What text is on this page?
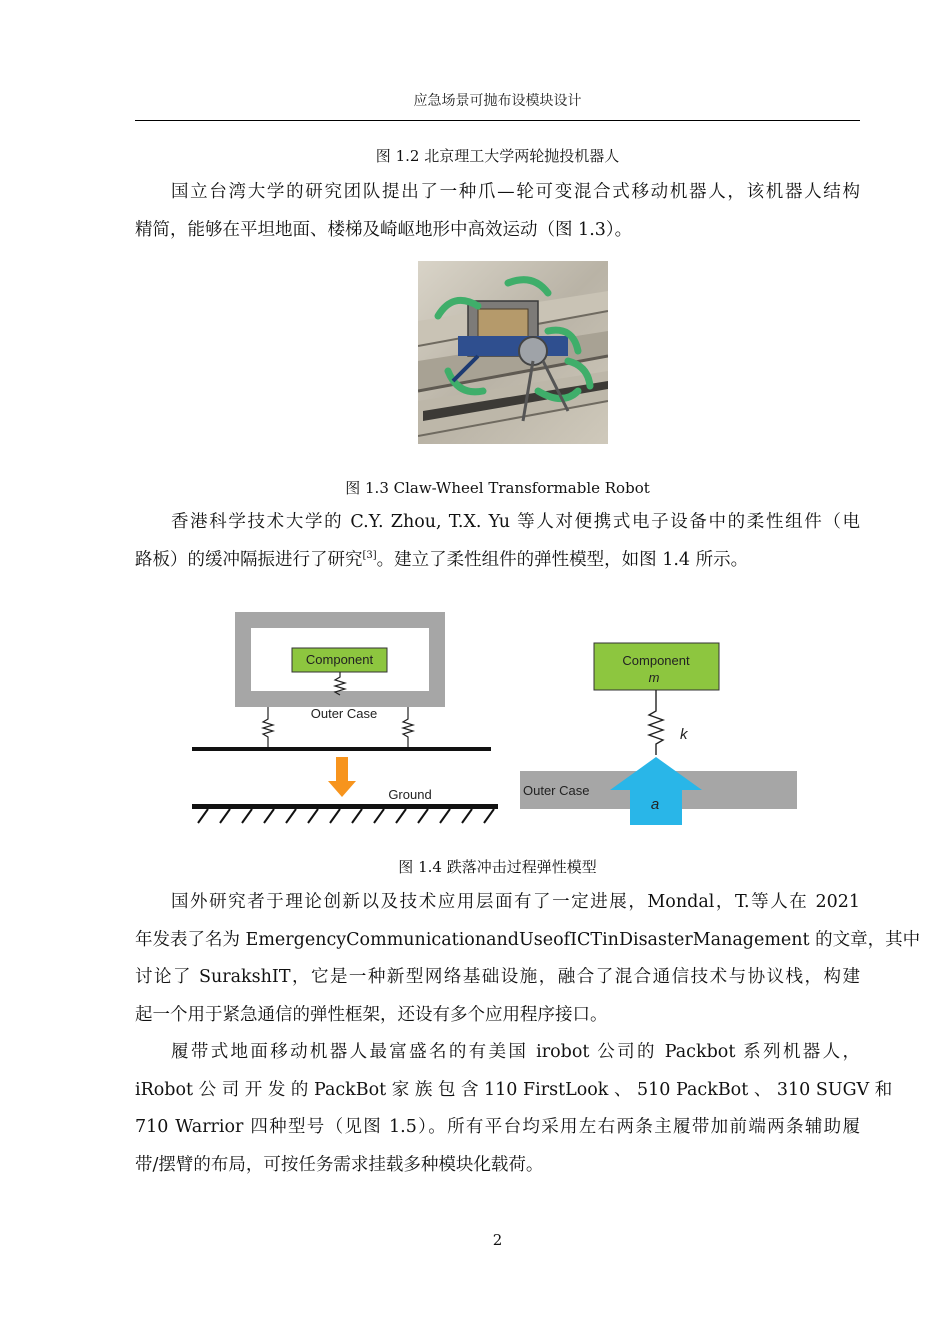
应急场景可抛布设模块设计
图 1.2 北京理工大学两轮抛投机器人
国立台湾大学的研究团队提出了一种爪—轮可变混合式移动机器人，该机器人结构
精简，能够在平坦地面、楼梯及崎岖地形中高效运动（图 1.3）。
图 1.3 Claw-Wheel Transformable Robot
香港科学技术大学的 C.Y. Zhou, T.X. Yu 等人对便携式电子设备中的柔性组件（电
路板）的缓冲隔振进行了研究[3]。建立了柔性组件的弹性模型，如图 1.4 所示。
Component
Outer Case
Ground
Component
m
k
Outer Case
a
图 1.4 跌落冲击过程弹性模型
国外研究者于理论创新以及技术应用层面有了一定进展，Mondal，T.等人在 2021
年发表了名为 EmergencyCommunicationandUseofICTinDisasterManagement 的文章，其中
讨论了 SurakshIT，它是一种新型网络基础设施，融合了混合通信技术与协议栈，构建
起一个用于紧急通信的弹性框架，还设有多个应用程序接口。
履带式地面移动机器人最富盛名的有美国 irobot 公司的 Packbot 系列机器人，
iRobot 公 司 开 发 的 PackBot 家 族 包 含 110 FirstLook 、 510 PackBot 、 310 SUGV 和
710 Warrior 四种型号（见图 1.5）。所有平台均采用左右两条主履带加前端两条辅助履
带/摆臂的布局，可按任务需求挂载多种模块化载荷。
2
